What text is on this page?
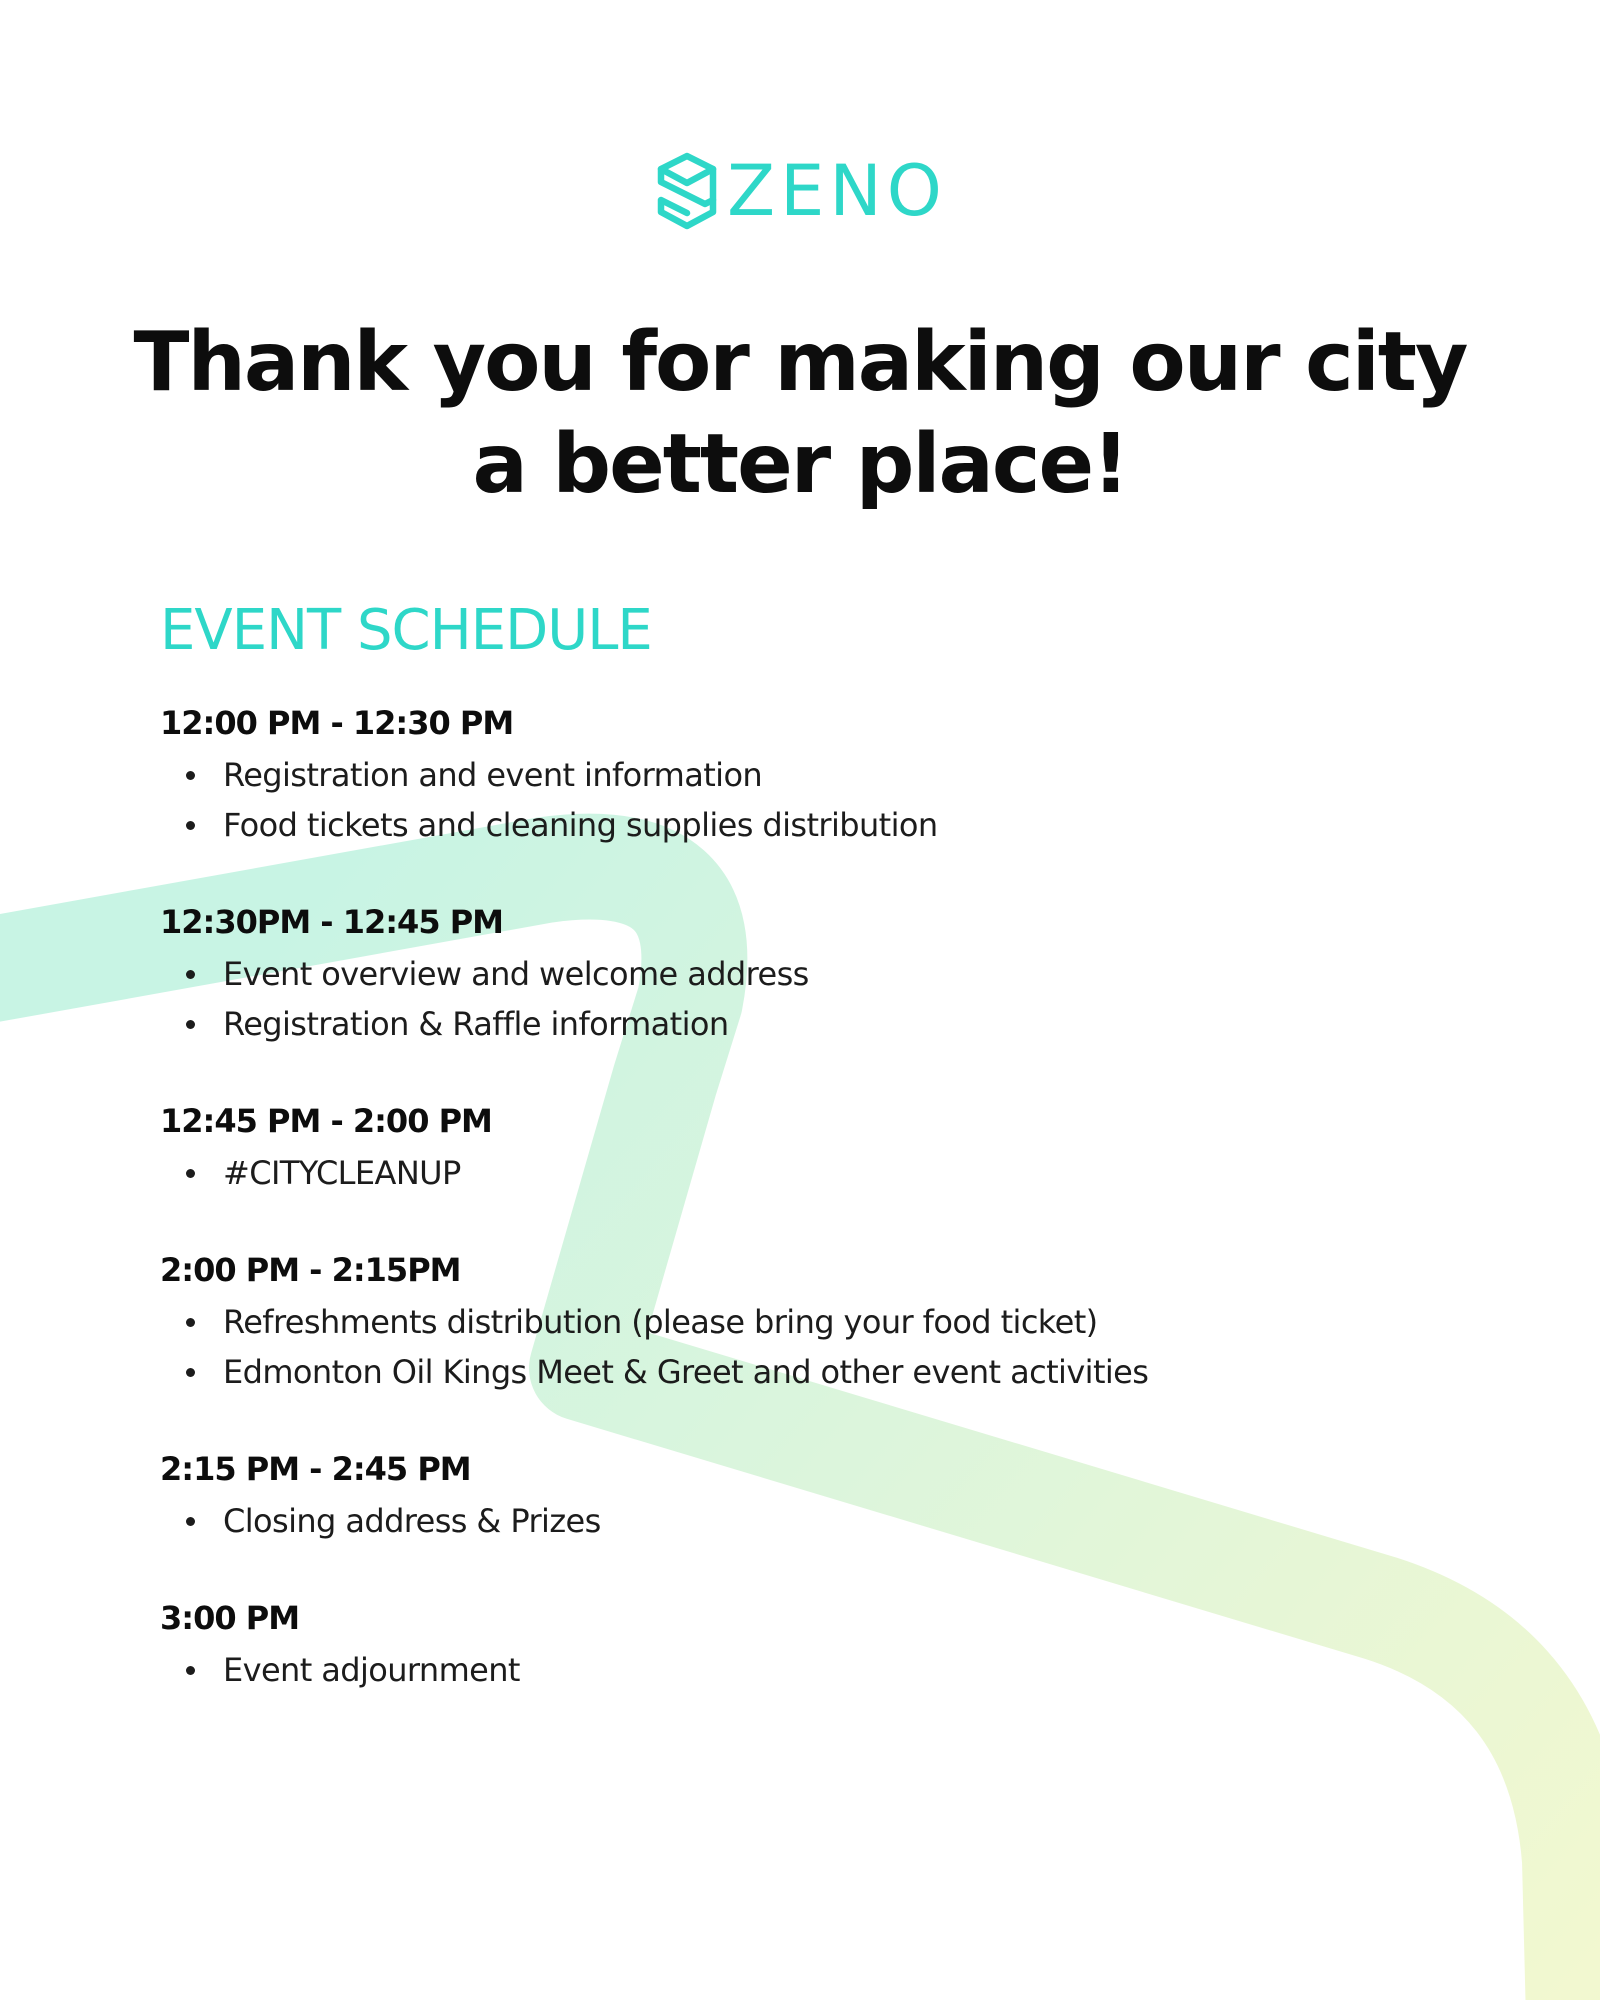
ZENO
Thank you for making our city
a better place!
EVENT SCHEDULE
12:00 PM - 12:30 PM
Registration and event information
Food tickets and cleaning supplies distribution
12:30PM - 12:45 PM
Event overview and welcome address
Registration & Raffle information
12:45 PM - 2:00 PM
#CITYCLEANUP
2:00 PM - 2:15PM
Refreshments distribution (please bring your food ticket)
Edmonton Oil Kings Meet & Greet and other event activities
2:15 PM - 2:45 PM
Closing address & Prizes
3:00 PM
Event adjournment
